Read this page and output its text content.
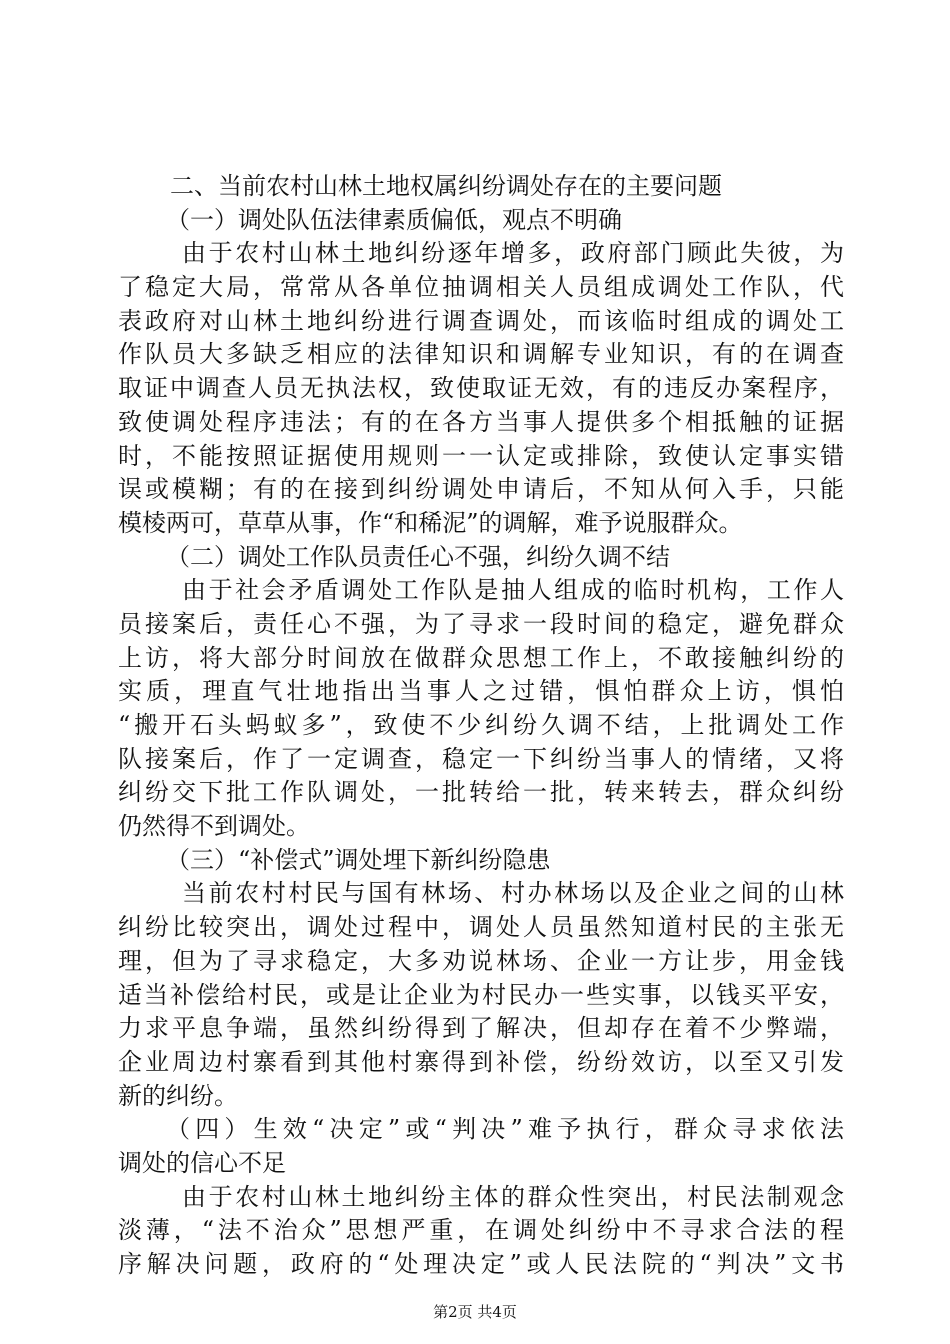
二、当前农村山林土地权属纠纷调处存在的主要问题
（一）调处队伍法律素质偏低，观点不明确
由于农村山林土地纠纷逐年增多，政府部门顾此失彼，为
了稳定大局，常常从各单位抽调相关人员组成调处工作队，代
表政府对山林土地纠纷进行调查调处，而该临时组成的调处工
作队员大多缺乏相应的法律知识和调解专业知识，有的在调查
取证中调查人员无执法权，致使取证无效，有的违反办案程序，
致使调处程序违法；有的在各方当事人提供多个相抵触的证据
时，不能按照证据使用规则一一认定或排除，致使认定事实错
误或模糊；有的在接到纠纷调处申请后，不知从何入手，只能
模棱两可，草草从事，作“和稀泥”的调解，难予说服群众。
（二）调处工作队员责任心不强，纠纷久调不结
由于社会矛盾调处工作队是抽人组成的临时机构，工作人
员接案后，责任心不强，为了寻求一段时间的稳定，避免群众
上访，将大部分时间放在做群众思想工作上，不敢接触纠纷的
实质，理直气壮地指出当事人之过错，惧怕群众上访，惧怕
“搬开石头蚂蚁多”，致使不少纠纷久调不结，上批调处工作
队接案后，作了一定调查，稳定一下纠纷当事人的情绪，又将
纠纷交下批工作队调处，一批转给一批，转来转去，群众纠纷
仍然得不到调处。
（三）“补偿式”调处埋下新纠纷隐患
当前农村村民与国有林场、村办林场以及企业之间的山林
纠纷比较突出，调处过程中，调处人员虽然知道村民的主张无
理，但为了寻求稳定，大多劝说林场、企业一方让步，用金钱
适当补偿给村民，或是让企业为村民办一些实事，以钱买平安，
力求平息争端，虽然纠纷得到了解决，但却存在着不少弊端，
企业周边村寨看到其他村寨得到补偿，纷纷效访，以至又引发
新的纠纷。
（四）生效“决定”或“判决”难予执行，群众寻求依法
调处的信心不足
由于农村山林土地纠纷主体的群众性突出，村民法制观念
淡薄，“法不治众”思想严重，在调处纠纷中不寻求合法的程
序解决问题，政府的“处理决定”或人民法院的“判决”文书
第2页 共4页
